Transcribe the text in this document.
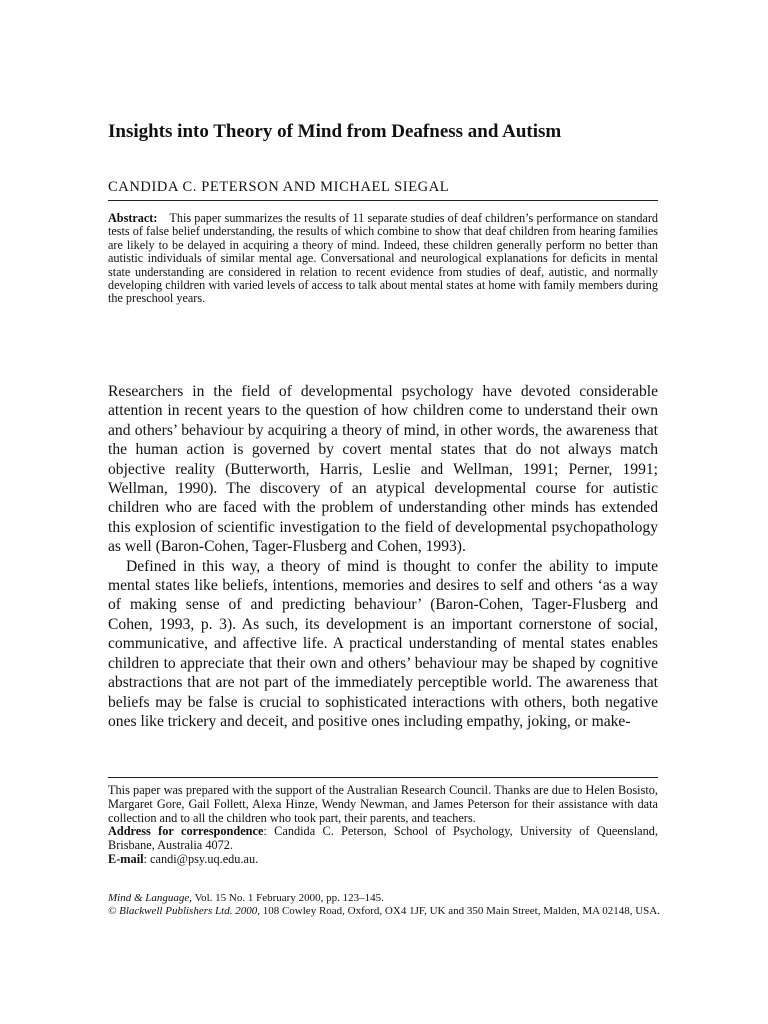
Insights into Theory of Mind from Deafness and Autism
CANDIDA C. PETERSON AND MICHAEL SIEGAL
Abstract: This paper summarizes the results of 11 separate studies of deaf children’s performance on standard tests of false belief understanding, the results of which combine to show that deaf children from hearing families are likely to be delayed in acquiring a theory of mind. Indeed, these children generally perform no better than autistic individuals of similar mental age. Conversational and neurological explanations for deficits in mental state understanding are considered in relation to recent evidence from studies of deaf, autistic, and normally developing children with varied levels of access to talk about mental states at home with family members during the preschool years.

Researchers in the field of developmental psychology have devoted considerable attention in recent years to the question of how children come to understand their own and others’ behaviour by acquiring a theory of mind, in other words, the awareness that the human action is governed by covert mental states that do not always match objective reality (Butterworth, Harris, Leslie and Wellman, 1991; Perner, 1991; Wellman, 1990). The discovery of an atypical developmental course for autistic children who are faced with the problem of understanding other minds has extended this explosion of scientific investigation to the field of developmental psychopathology as well (Baron-Cohen, Tager-Flusberg and Cohen, 1993).

Defined in this way, a theory of mind is thought to confer the ability to impute mental states like beliefs, intentions, memories and desires to self and others ‘as a way of making sense of and predicting behaviour’ (Baron-Cohen, Tager-Flusberg and Cohen, 1993, p. 3). As such, its development is an important cornerstone of social, communicative, and affective life. A practical understanding of mental states enables children to appreciate that their own and others’ behaviour may be shaped by cognitive abstractions that are not part of the immediately perceptible world. The awareness that beliefs may be false is crucial to sophisticated interactions with others, both negative ones like trickery and deceit, and positive ones including empathy, joking, or make-

This paper was prepared with the support of the Australian Research Council. Thanks are due to Helen Bosisto, Margaret Gore, Gail Follett, Alexa Hinze, Wendy Newman, and James Peterson for their assistance with data collection and to all the children who took part, their parents, and teachers.

Address for correspondence: Candida C. Peterson, School of Psychology, University of Queensland, Brisbane, Australia 4072.

E-mail: candi@psy.uq.edu.au.

Mind & Language, Vol. 15 No. 1 February 2000, pp. 123–145.

© Blackwell Publishers Ltd. 2000, 108 Cowley Road, Oxford, OX4 1JF, UK and 350 Main Street, Malden, MA 02148, USA.
